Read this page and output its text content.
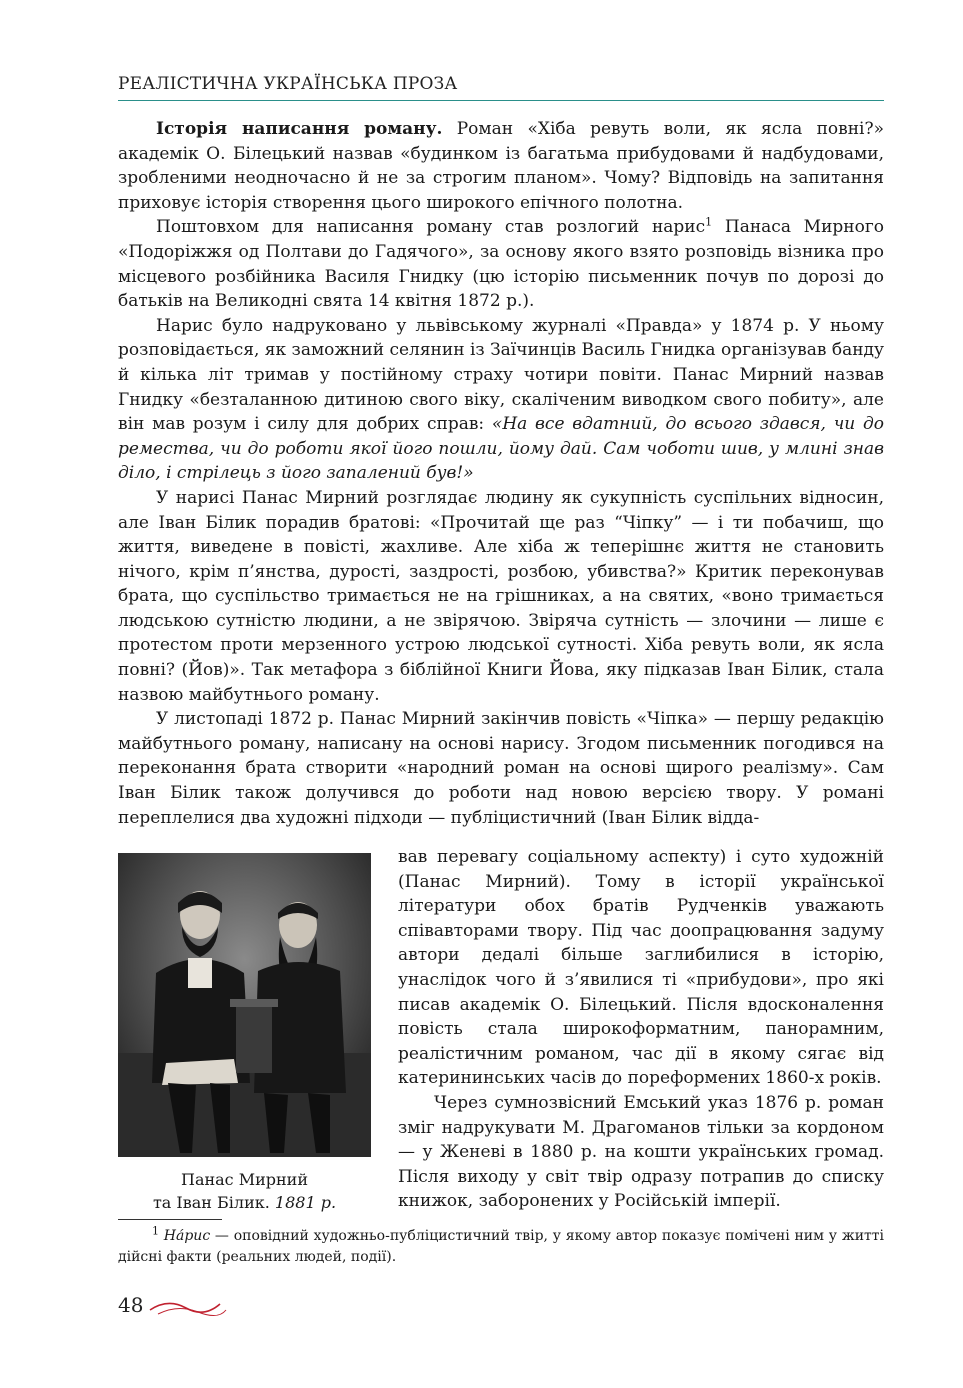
РЕАЛІСТИЧНА УКРАЇНСЬКА ПРОЗА

Історія написання роману. Роман «Хіба ревуть воли, як ясла повні?» академік О. Білецький назвав «будинком із багатьма прибудовами й надбудовами, зробленими неодночасно й не за строгим планом». Чому? Відповідь на запитання приховує історія створення цього широкого епічного полотна.

Поштовхом для написання роману став розлогий нарис$^1$ Панаса Мирного «Подоріжжя од Полтави до Гадячого», за основу якого взято розповідь візника про місцевого розбійника Василя Гнидку (цю історію письменник почув по дорозі до батьків на Великодні свята 14 квітня 1872 р.).

Нарис було надруковано у львівському журналі «Правда» у 1874 р. У ньому розповідається, як заможний селянин із Заїчинців Василь Гнидка організував банду й кілька літ тримав у постійному страху чотири повіти. Панас Мирний назвав Гнидку «безталанною дитиною свого віку, скаліченим виводком свого побиту», але він мав розум і силу для добрих справ: «На все вдатний, до всього здався, чи до ремества, чи до роботи якої його пошли, йому дай. Сам чоботи шив, у млині знав діло, і стрілець з його запалений був!»

У нарисі Панас Мирний розглядає людину як сукупність суспільних відносин, але Іван Білик порадив братові: «Прочитай ще раз “Чіпку” — і ти побачиш, що життя, виведене в повісті, жахливе. Але хіба ж теперішнє життя не становить нічого, крім п’янства, дурості, заздрості, розбою, убивства?» Критик переконував брата, що суспільство тримається не на грішниках, а на святих, «воно тримається людською сутністю людини, а не звірячою. Звіряча сутність — злочини — лише є протестом проти мерзенного устрою людської сутності. Хіба ревуть воли, як ясла повні? (Йов)». Так метафора з біблійної Книги Йова, яку підказав Іван Білик, стала назвою майбутнього роману.

У листопаді 1872 р. Панас Мирний закінчив повість «Чіпка» — першу редакцію майбутнього роману, написану на основі нарису. Згодом письменник погодився на переконання брата створити «народний роман на основі щирого реалізму». Сам Іван Білик також долучився до роботи над новою версією твору. У романі переплелися два художні підходи — публіцистичний (Іван Білик відда-

Панас Мирний
та Іван Білик. 1881 р.

вав перевагу соціальному аспекту) і суто художній (Панас Мирний). Тому в історії української літератури обох братів Рудченків уважають співавторами твору. Під час доопрацювання задуму автори дедалі більше заглибилися в історію, унаслідок чого й з’явилися ті «прибудови», про які писав академік О. Білецький. Після вдосконалення повість стала широкоформатним, панорамним, реалістичним романом, час дії в якому сягає від катерининських часів до пореформених 1860-х років.

Через сумнозвісний Емський указ 1876 р. роман зміг надрукувати М. Драгоманов тільки за кордоном — у Женеві в 1880 р. на кошти українських громад. Після виходу у світ твір одразу потрапив до списку книжок, заборонених у Російській імперії.

$^1$ На́рис — оповідний художньо-публіцистичний твір, у якому автор показує помічені ним у житті дійсні факти (реальних людей, події).
48
